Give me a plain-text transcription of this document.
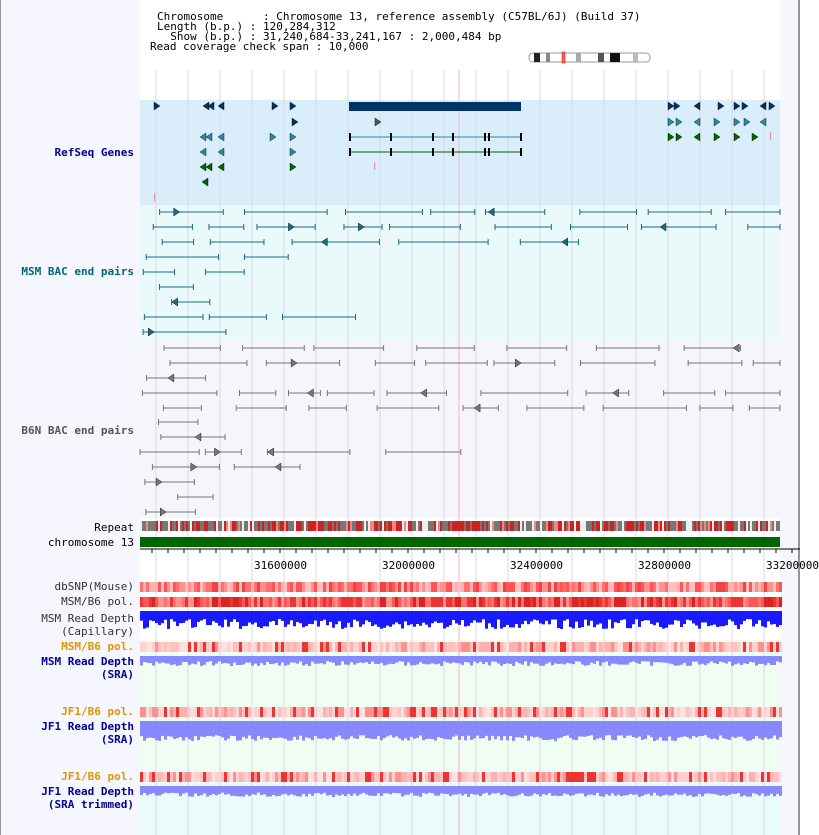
Chromosome      : Chromosome 13, reference assembly (C57BL/6J) (Build 37)
Length (b.p.) : 120,284,312
Show (b.p.) : 31,240,684-33,241,167 : 2,000,484 bp
Read coverage check span : 10,000
RefSeq Genes
MSM BAC end pairs
B6N BAC end pairs
Repeat
chromosome 13
31600000	32000000	32400000	32800000	33200000
dbSNP(Mouse)
MSM/B6 pol.
MSM Read Depth
(Capillary)
MSM/B6 pol.
MSM Read Depth
(SRA)
JF1/B6 pol.
JF1 Read Depth
(SRA)
JF1/B6 pol.
JF1 Read Depth
(SRA trimmed)
